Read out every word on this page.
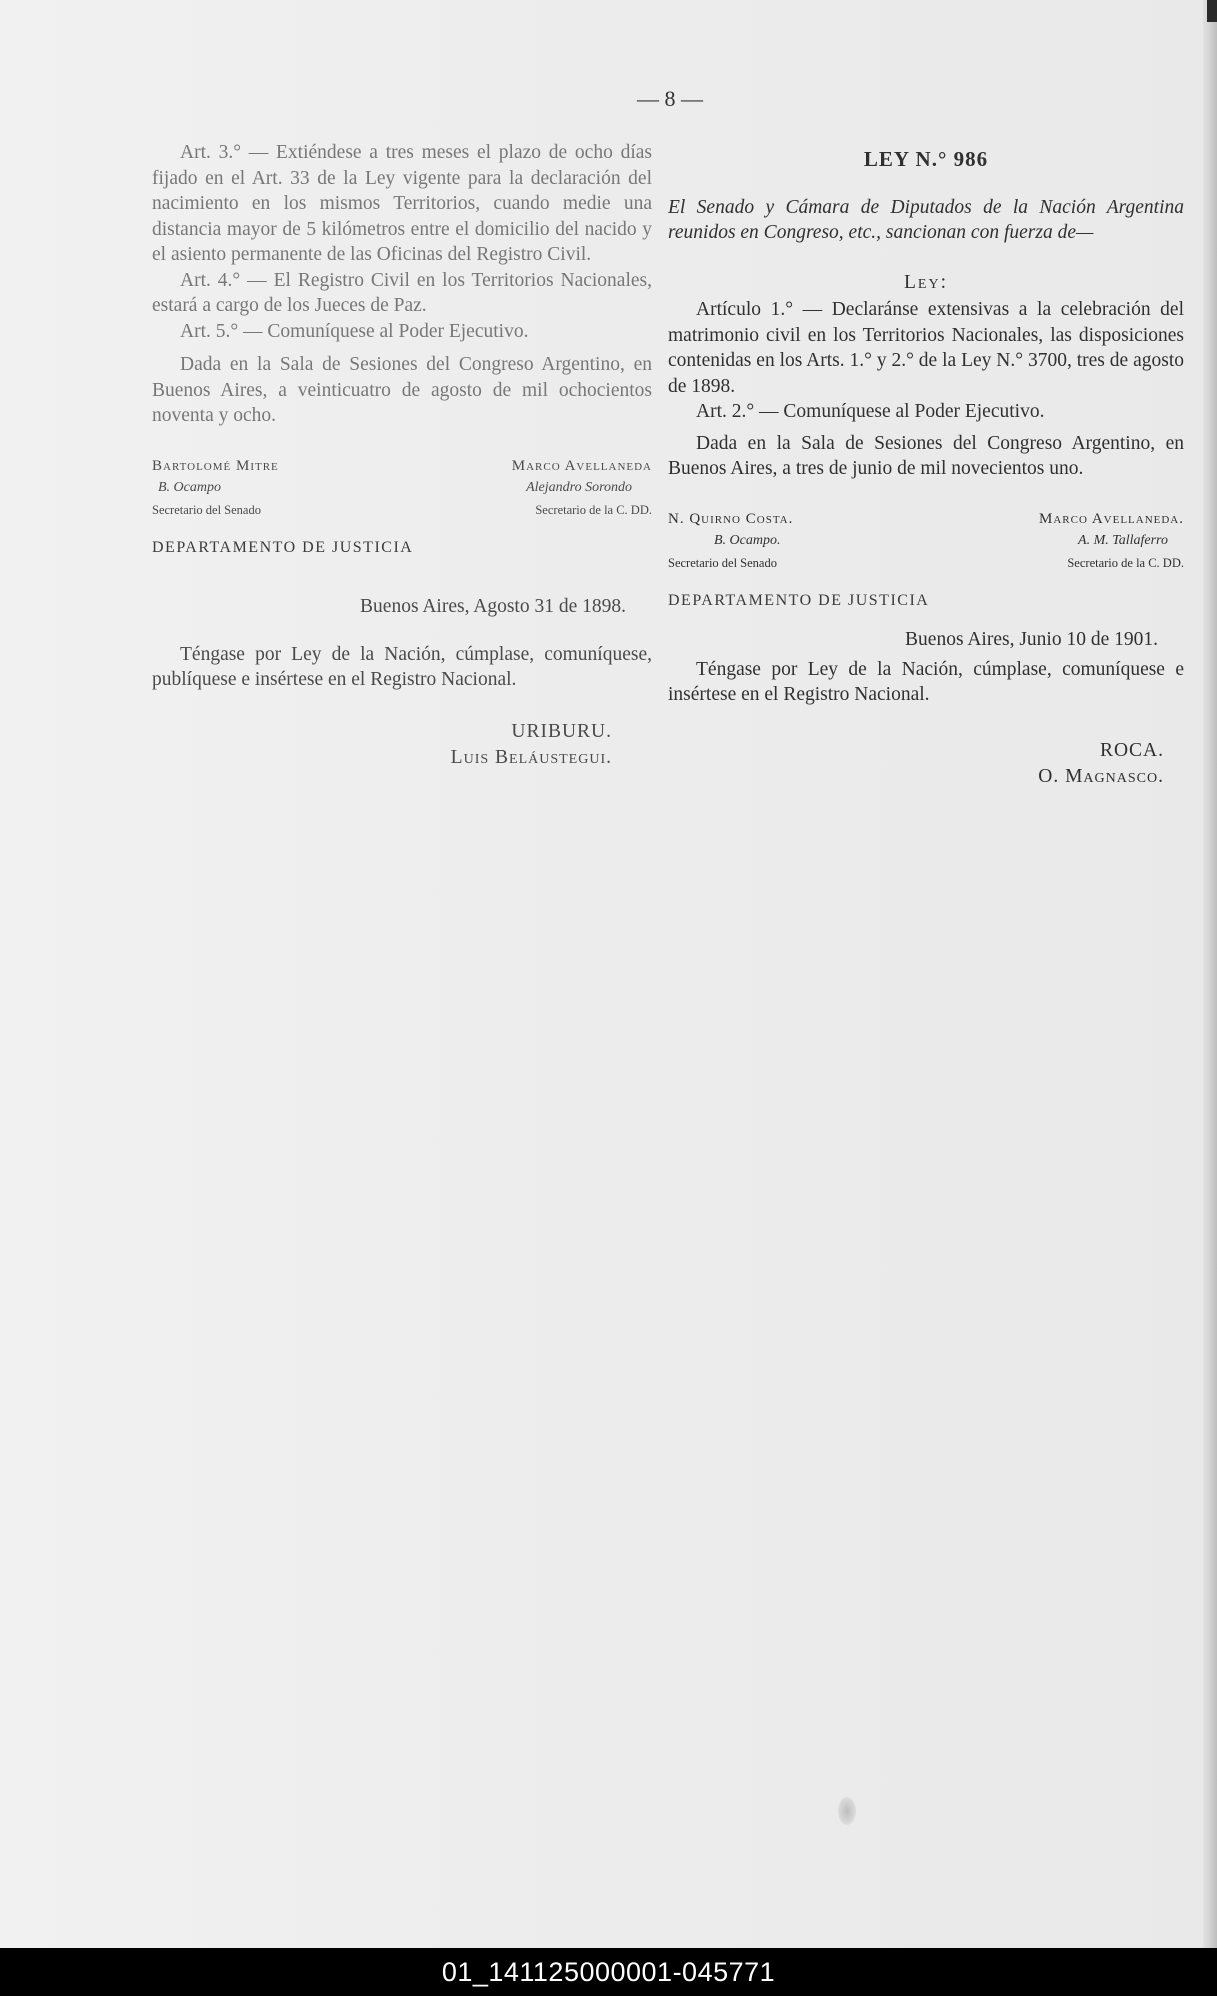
— 8 —

Art. 3.° — Extiéndese a tres meses el plazo de ocho días fijado en el Art. 33 de la Ley vigente para la declaración del nacimiento en los mismos Territorios, cuando medie una distancia mayor de 5 kilómetros entre el domicilio del nacido y el asiento permanente de las Oficinas del Registro Civil.

Art. 4.° — El Registro Civil en los Territorios Nacionales, estará a cargo de los Jueces de Paz.

Art. 5.° — Comuníquese al Poder Ejecutivo.

Dada en la Sala de Sesiones del Congreso Argentino, en Buenos Aires, a veinticuatro de agosto de mil ochocientos noventa y ocho.

Bartolomé Mitre
B. Ocampo
Secretario del Senado
Marco Avellaneda
Alejandro Sorondo
Secretario de la C. DD.
DEPARTAMENTO DE JUSTICIA
Buenos Aires, Agosto 31 de 1898.

Téngase por Ley de la Nación, cúmplase, comuníquese, publíquese e insértese en el Registro Nacional.

URIBURU.
Luis Beláustegui.
LEY N.° 986

El Senado y Cámara de Diputados de la Nación Argentina reunidos en Congreso, etc., sancionan con fuerza de—

Ley:

Artículo 1.° — Declaránse extensivas a la celebración del matrimonio civil en los Territorios Nacionales, las disposiciones contenidas en los Arts. 1.° y 2.° de la Ley N.° 3700, tres de agosto de 1898.

Art. 2.° — Comuníquese al Poder Ejecutivo.

Dada en la Sala de Sesiones del Congreso Argentino, en Buenos Aires, a tres de junio de mil novecientos uno.

N. Quirno Costa.
B. Ocampo.
Secretario del Senado
Marco Avellaneda.
A. M. Tallaferro
Secretario de la C. DD.
DEPARTAMENTO DE JUSTICIA
Buenos Aires, Junio 10 de 1901.

Téngase por Ley de la Nación, cúmplase, comuníquese e insértese en el Registro Nacional.

ROCA.
O. Magnasco.
01_141125000001-045771
